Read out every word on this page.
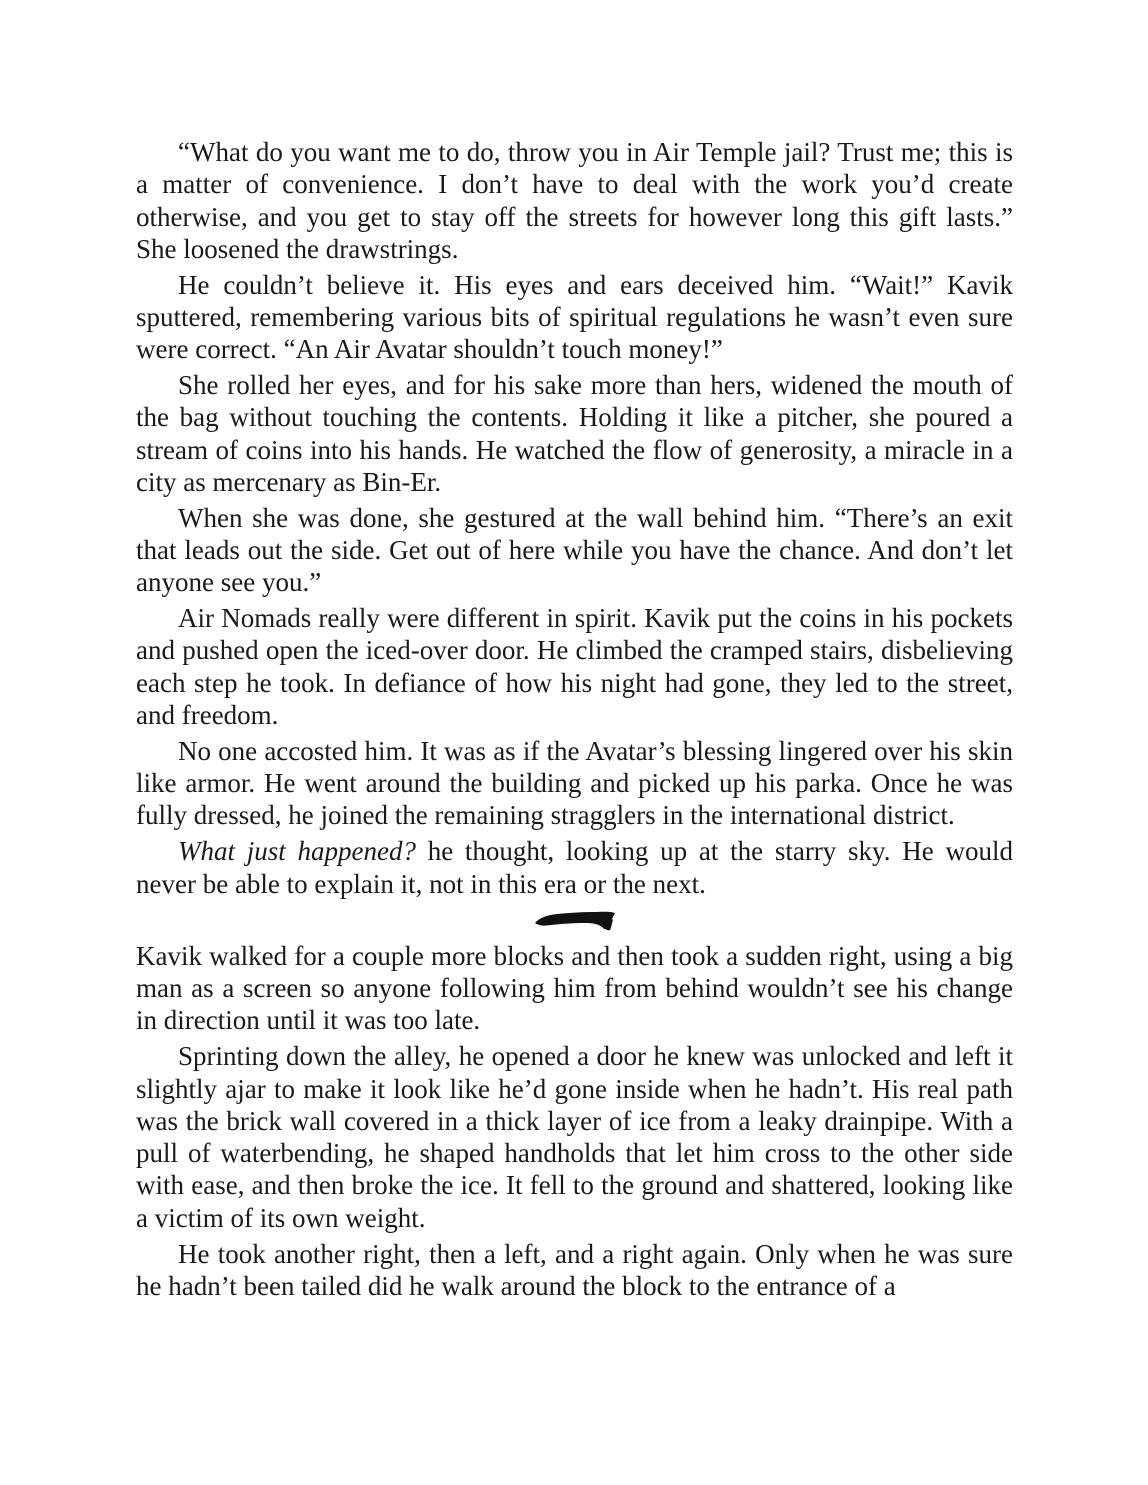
“What do you want me to do, throw you in Air Temple jail? Trust me; this is a matter of convenience. I don’t have to deal with the work you’d create otherwise, and you get to stay off the streets for however long this gift lasts.” She loosened the drawstrings.

He couldn’t believe it. His eyes and ears deceived him. “Wait!” Kavik sputtered, remembering various bits of spiritual regulations he wasn’t even sure were correct. “An Air Avatar shouldn’t touch money!”

She rolled her eyes, and for his sake more than hers, widened the mouth of the bag without touching the contents. Holding it like a pitcher, she poured a stream of coins into his hands. He watched the flow of generosity, a miracle in a city as mercenary as Bin-Er.

When she was done, she gestured at the wall behind him. “There’s an exit that leads out the side. Get out of here while you have the chance. And don’t let anyone see you.”

Air Nomads really were different in spirit. Kavik put the coins in his pockets and pushed open the iced-over door. He climbed the cramped stairs, disbelieving each step he took. In defiance of how his night had gone, they led to the street, and freedom.

No one accosted him. It was as if the Avatar’s blessing lingered over his skin like armor. He went around the building and picked up his parka. Once he was fully dressed, he joined the remaining stragglers in the international district.

What just happened? he thought, looking up at the starry sky. He would never be able to explain it, not in this era or the next.

Kavik walked for a couple more blocks and then took a sudden right, using a big man as a screen so anyone following him from behind wouldn’t see his change in direction until it was too late.

Sprinting down the alley, he opened a door he knew was unlocked and left it slightly ajar to make it look like he’d gone inside when he hadn’t. His real path was the brick wall covered in a thick layer of ice from a leaky drainpipe. With a pull of waterbending, he shaped handholds that let him cross to the other side with ease, and then broke the ice. It fell to the ground and shattered, looking like a victim of its own weight.

He took another right, then a left, and a right again. Only when he was sure he hadn’t been tailed did he walk around the block to the entrance of a
